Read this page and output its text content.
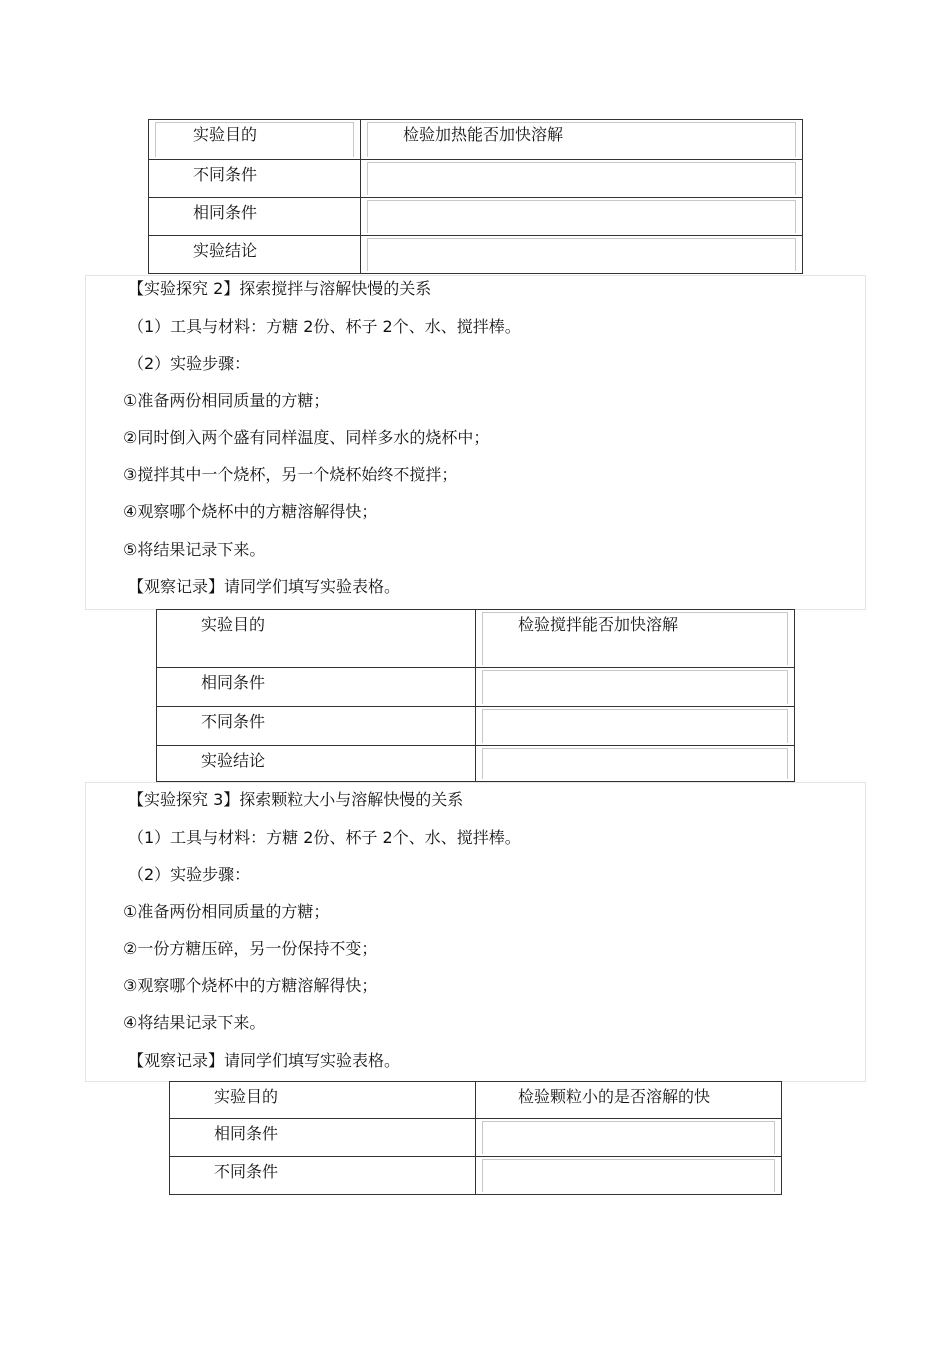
实验目的	检验加热能否加快溶解

不同条件	

相同条件	

实验结论	

【实验探究 2】探索搅拌与溶解快慢的关系
（1）工具与材料：方糖 2份、杯子 2个、水、搅拌棒。
（2）实验步骤：
①准备两份相同质量的方糖；
②同时倒入两个盛有同样温度、同样多水的烧杯中；
③搅拌其中一个烧杯，另一个烧杯始终不搅拌；
④观察哪个烧杯中的方糖溶解得快；
⑤将结果记录下来。
【观察记录】请同学们填写实验表格。
实验目的	检验搅拌能否加快溶解

相同条件	

不同条件	

实验结论	

【实验探究 3】探索颗粒大小与溶解快慢的关系
（1）工具与材料：方糖 2份、杯子 2个、水、搅拌棒。
（2）实验步骤：
①准备两份相同质量的方糖；
②一份方糖压碎，另一份保持不变；
③观察哪个烧杯中的方糖溶解得快；
④将结果记录下来。
【观察记录】请同学们填写实验表格。
实验目的	检验颗粒小的是否溶解的快

相同条件	

不同条件	
